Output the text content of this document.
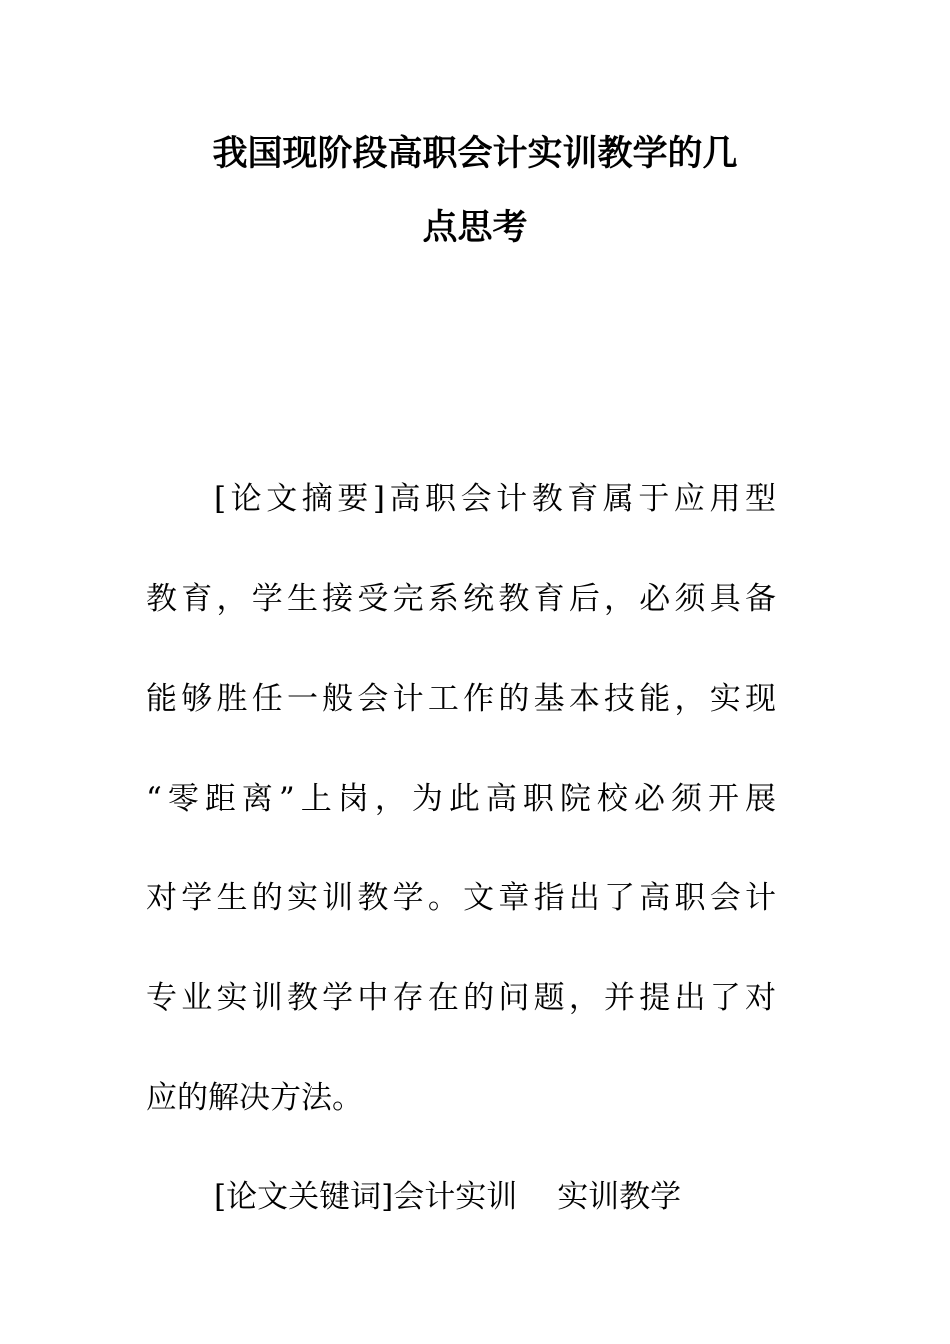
我国现阶段高职会计实训教学的几
点思考
[论文摘要]高职会计教育属于应用型
教育，学生接受完系统教育后，必须具备
能够胜任一般会计工作的基本技能，实现
“零距离”上岗，为此高职院校必须开展
对学生的实训教学。文章指出了高职会计
专业实训教学中存在的问题，并提出了对
应的解决方法。
[论文关键词]会计实训 实训教学
